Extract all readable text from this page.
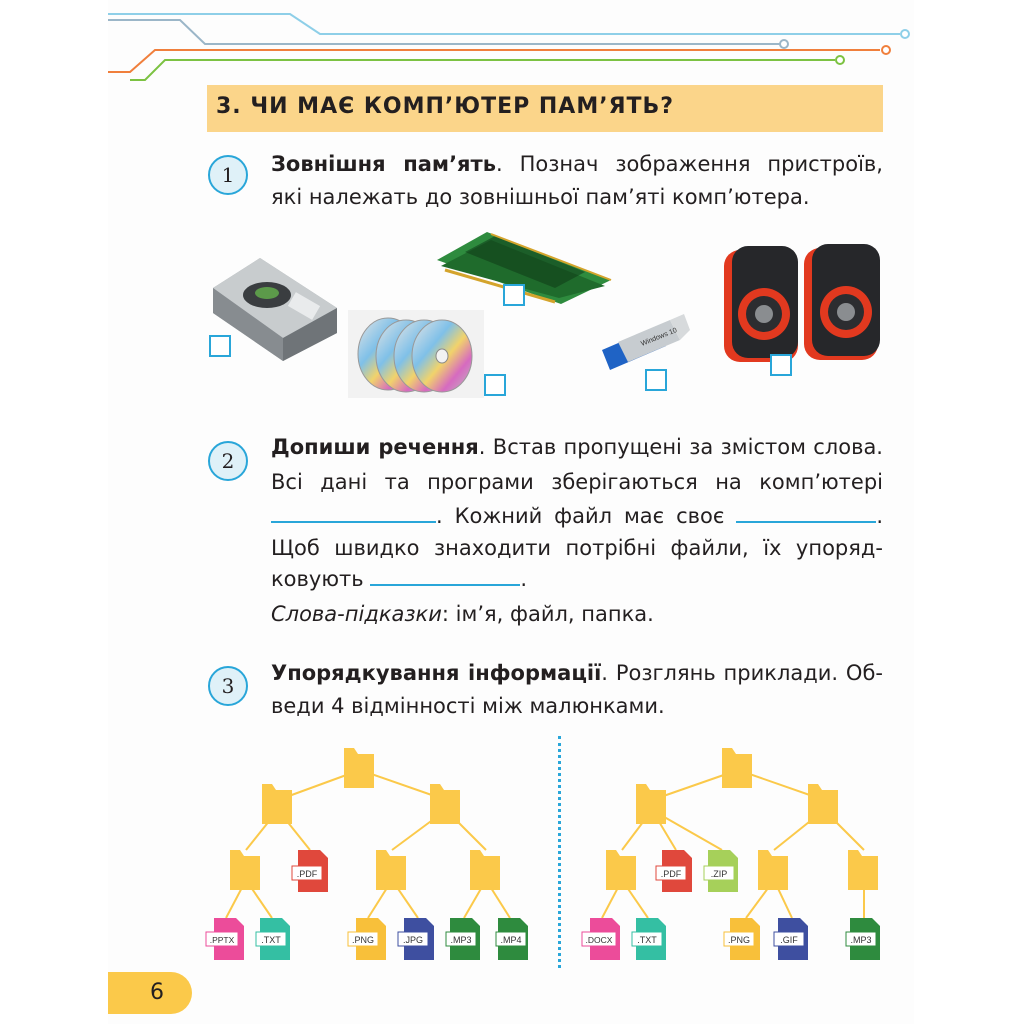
3. ЧИ МАЄ КОМП’ЮТЕР ПАМ’ЯТЬ?
1	Зовнішня пам’ять. Познач зображення пристроїв,
які належать до зовнішньої пам’яті комп’ютера.
Windows 10
2
Допиши речення. Встав пропущені за змістом слова.
Всі дані та програми зберігаються на комп’ютері
. Кожний файл має своє	.
Щоб швидко знаходити потрібні файли, їх упоряд-
ковують	.
Слова-підказки: ім’я, файл, папка.
3
Упорядкування інформації. Розглянь приклади. Об-
веди 4 відмінності між малюнками.
.PDF
.PPTX	.TXT	.PNG	.JPG	.MP3	.MP4
.PDF	.ZIP
.DOCX	.TXT	.PNG	.GIF	.MP3
6
